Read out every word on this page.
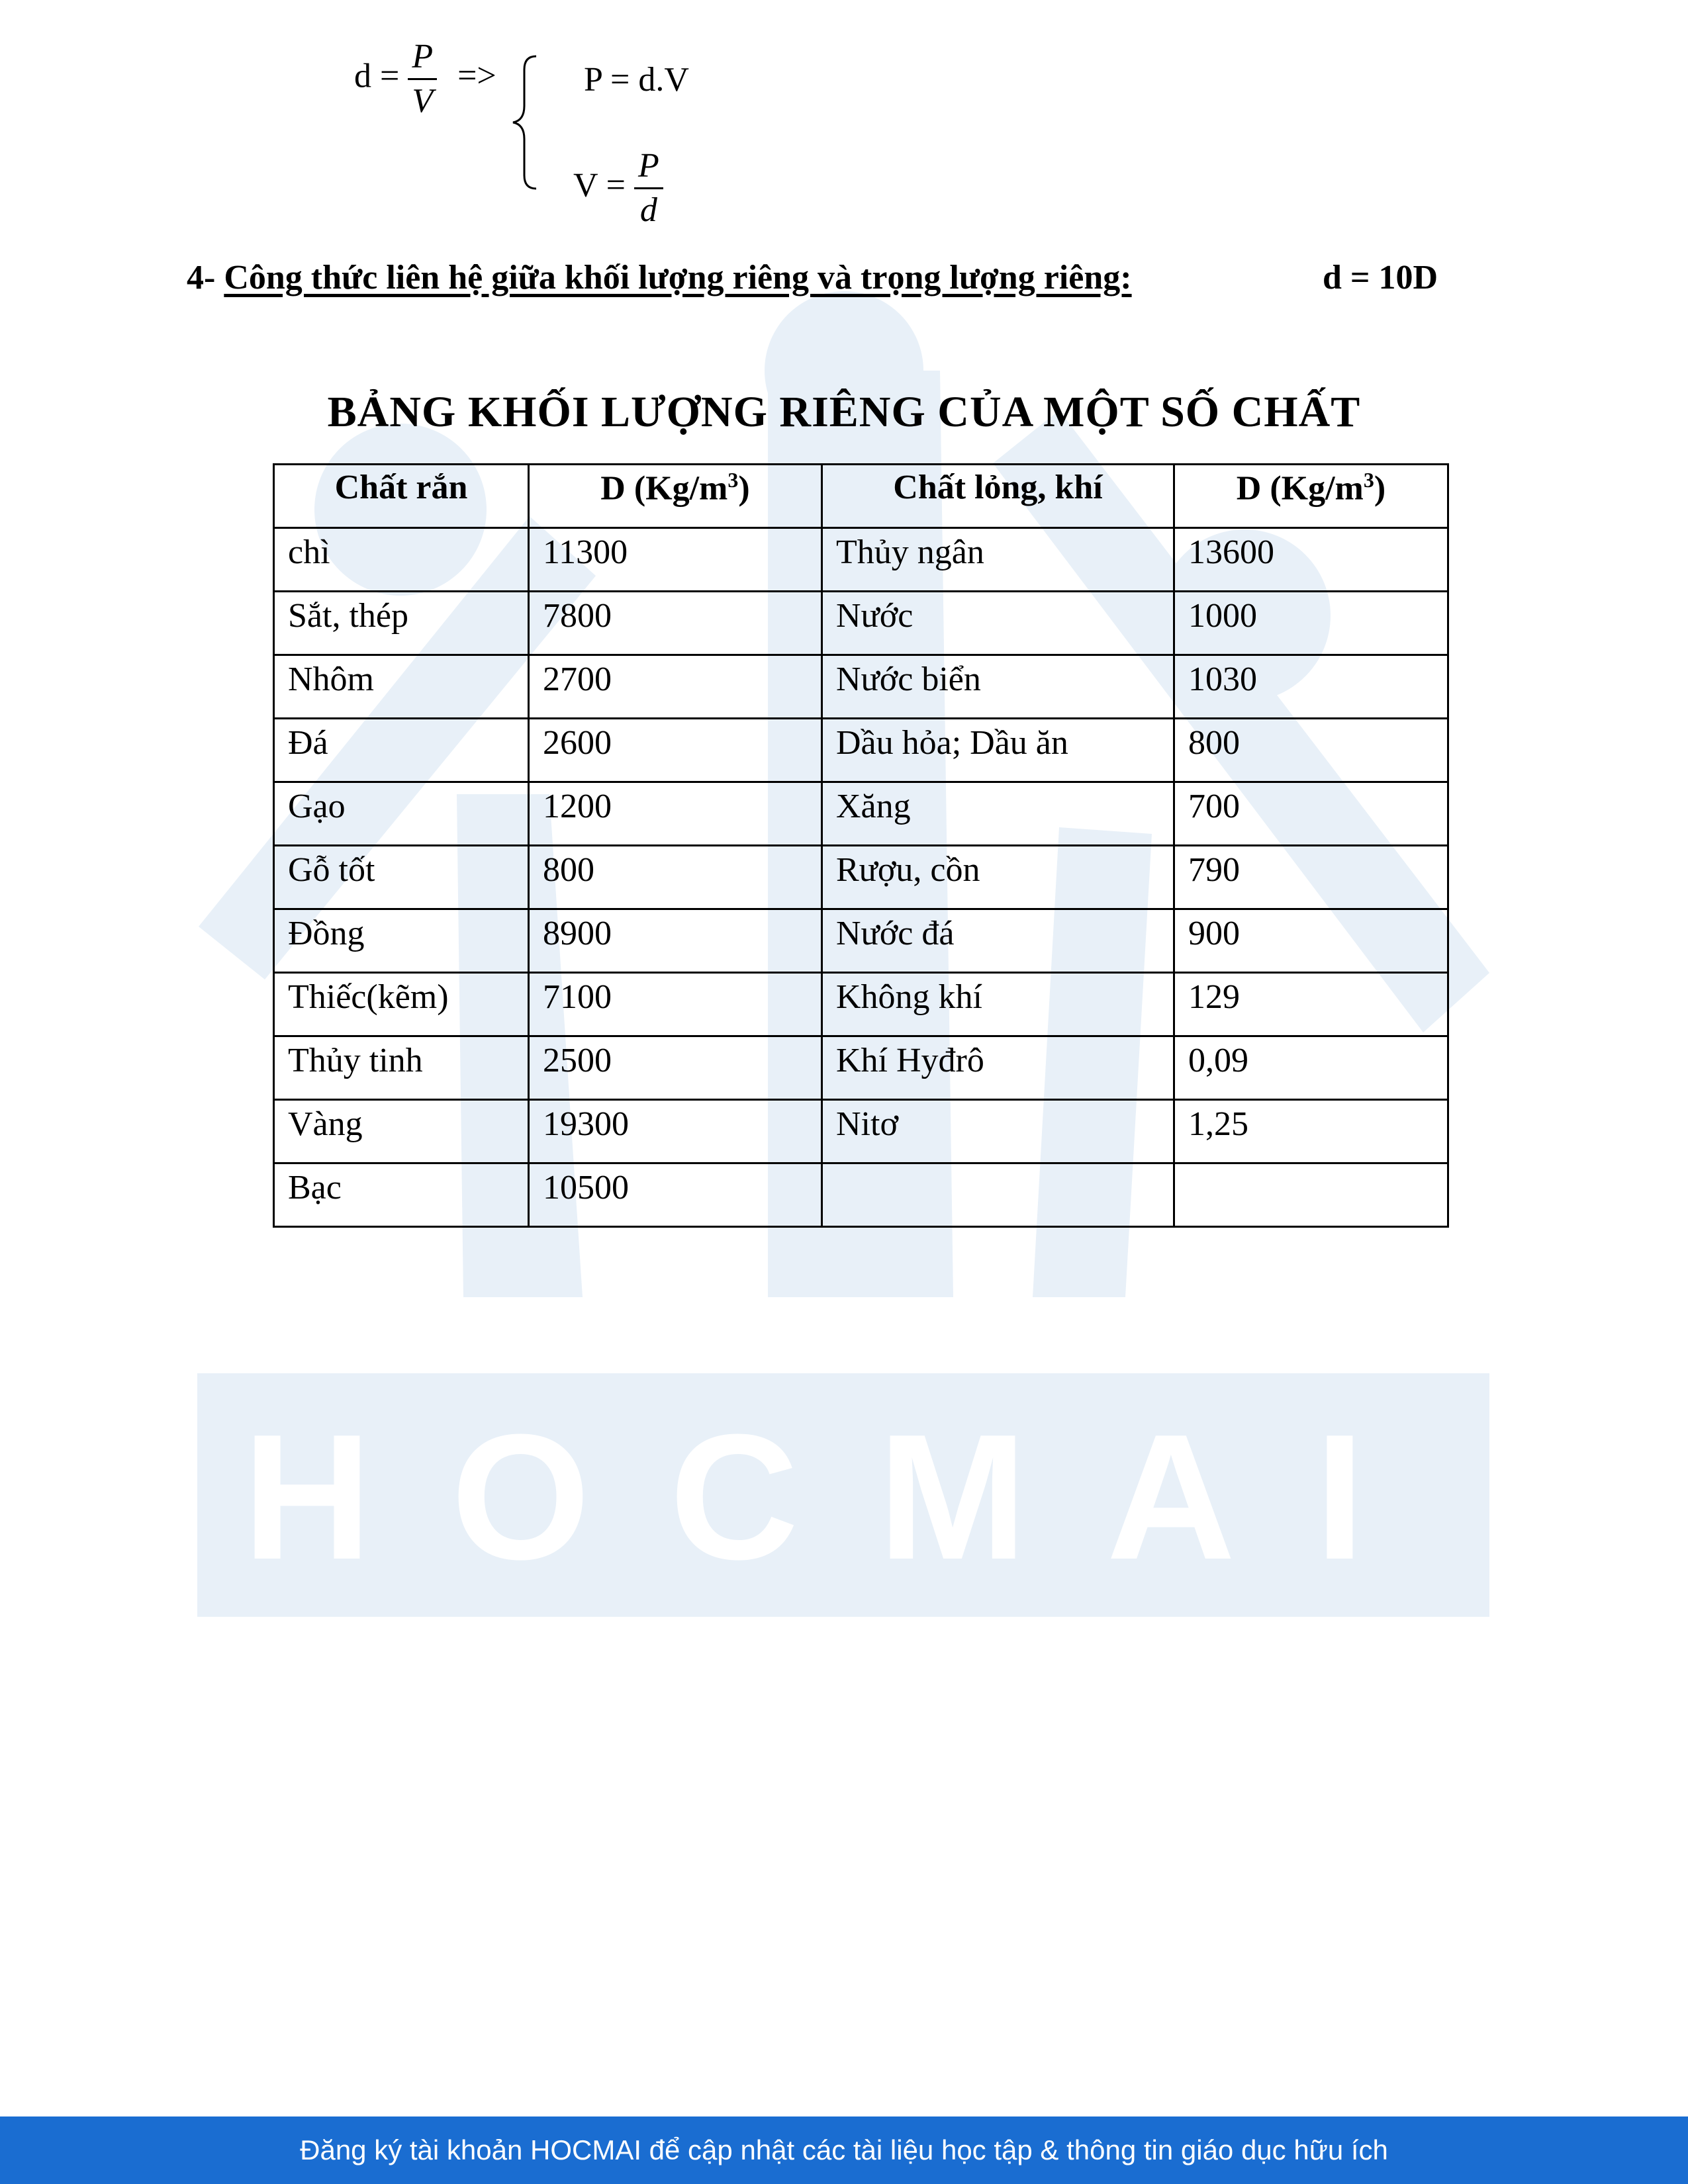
HOCMAI
$d = \frac{P}{V}$ =>	P = d.V
$V = \frac{P}{d}$
4- Công thức liên hệ giữa khối lượng riêng và trọng lượng riêng:	d = 10D
BẢNG KHỐI LƯỢNG RIÊNG CỦA MỘT SỐ CHẤT
Chất rắn	D $(Kg/m^3)$	Chất lỏng, khí	D $(Kg/m^3)$
chì	11300	Thủy ngân	13600
Sắt, thép	7800	Nước	1000
Nhôm	2700	Nước biển	1030
Đá	2600	Dầu hỏa; Dầu ăn	800
Gạo	1200	Xăng	700
Gỗ tốt	800	Rượu, cồn	790
Đồng	8900	Nước đá	900
Thiếc(kẽm)	7100	Không khí	129
Thủy tinh	2500	Khí Hyđrô	0,09
Vàng	19300	Nitơ	1,25
Bạc	10500		
Đăng ký tài khoản HOCMAI để cập nhật các tài liệu học tập & thông tin giáo dục hữu ích
